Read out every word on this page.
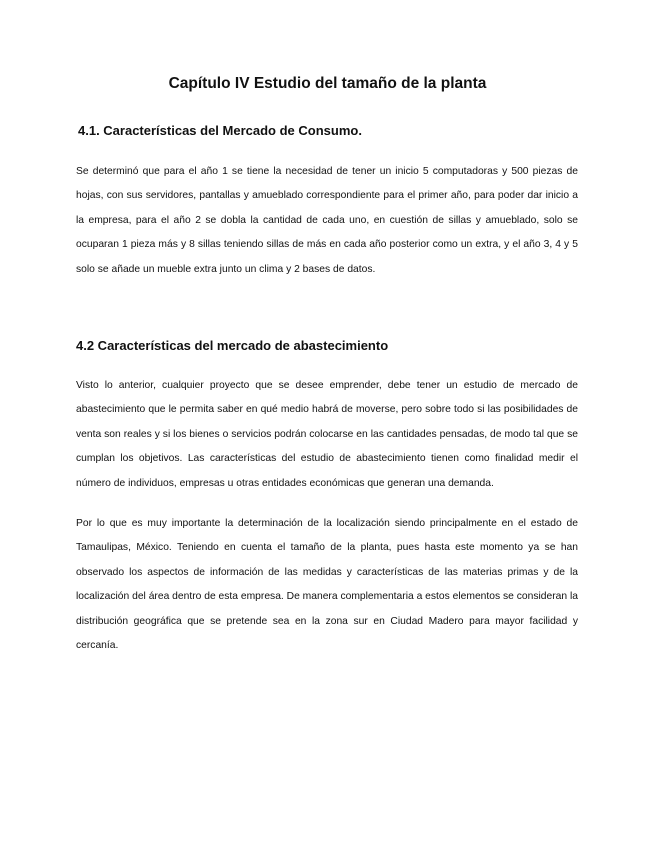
Capítulo IV Estudio del tamaño de la planta
4.1. Características del Mercado de Consumo.

Se determinó que para el año 1 se tiene la necesidad de tener un inicio 5 computadoras y 500 piezas de hojas, con sus servidores, pantallas y amueblado correspondiente para el primer año, para poder dar inicio a la empresa, para el año 2 se dobla la cantidad de cada uno, en cuestión de sillas y amueblado, solo se ocuparan 1 pieza más y 8 sillas teniendo sillas de más en cada año posterior como un extra, y el año 3, 4 y 5 solo se añade un mueble extra junto un clima y 2 bases de datos.

4.2 Características del mercado de abastecimiento

Visto lo anterior, cualquier proyecto que se desee emprender, debe tener un estudio de mercado de abastecimiento que le permita saber en qué medio habrá de moverse, pero sobre todo si las posibilidades de venta son reales y si los bienes o servicios podrán colocarse en las cantidades pensadas, de modo tal que se cumplan los objetivos. Las características del estudio de abastecimiento tienen como finalidad medir el número de individuos, empresas u otras entidades económicas que generan una demanda.

Por lo que es muy importante la determinación de la localización siendo principalmente en el estado de Tamaulipas, México. Teniendo en cuenta el tamaño de la planta, pues hasta este momento ya se han observado los aspectos de información de las medidas y características de las materias primas y de la localización del área dentro de esta empresa. De manera complementaria a estos elementos se consideran la distribución geográfica que se pretende sea en la zona sur en Ciudad Madero para mayor facilidad y cercanía.
